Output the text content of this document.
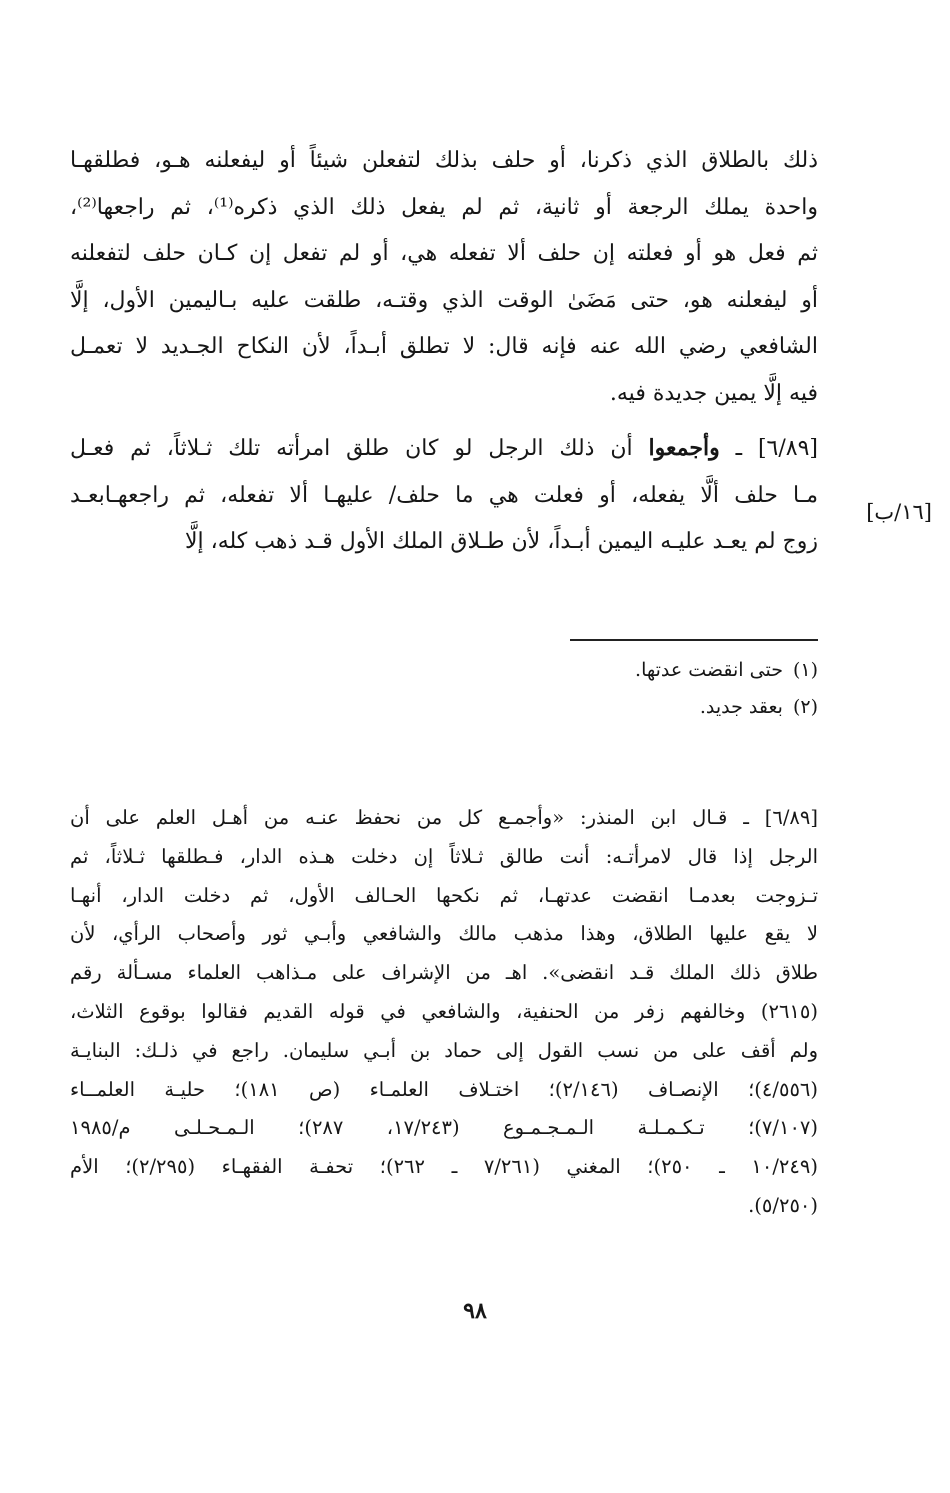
ذلك بالطلاق الذي ذكرنا، أو حلف بذلك لتفعلن شيئاً أو ليفعلنه هـو، فطلقهـا
واحدة يملك الرجعة أو ثانية، ثم لم يفعل ذلك الذي ذكره⁽¹⁾، ثم راجعها⁽²⁾،
ثم فعل هو أو فعلته إن حلف ألا تفعله هي، أو لم تفعل إن كـان حلف لتفعلنه
أو ليفعلنه هو، حتى مَضَىٰ الوقت الذي وقتـه، طلقت عليه بـاليمين الأول، إلَّا
الشافعي رضي الله عنه فإنه قال: لا تطلق أبـداً، لأن النكاح الجـديد لا تعمـل
فيه إلَّا يمين جديدة فيه.
[٦/٨٩] ـ وأجمعوا أن ذلك الرجل لو كان طلق امرأته تلك ثـلاثاً، ثم فعـل
مـا حلف ألَّا يفعله، أو فعلت هي ما حلف/ عليهـا ألا تفعله، ثم راجعهـابعـد
زوج لم يعـد عليـه اليمين أبـداً، لأن طـلاق الملك الأول قـد ذهب كله، إلَّا
[١٦/ب]

(١)حتى انقضت عدتها.

(٢)بعقد جديد.

[٦/٨٩] ـ قـال ابن المنذر: «وأجمـع كل من نحفظ عنـه من أهـل العلم على أن

الرجل إذا قال لامرأتـه: أنت طالق ثـلاثاً إن دخلت هـذه الدار، فـطلقها ثـلاثاً، ثم

تـزوجت بعدمـا انقضت عدتهـا، ثم نكحها الحـالف الأول، ثم دخلت الدار، أنهـا

لا يقع عليها الطلاق، وهذا مذهب مالك والشافعي وأبـي ثور وأصحاب الرأي، لأن

طلاق ذلك الملك قـد انقضى». اهـ من الإشراف على مـذاهب العلماء مسـألة رقم

(٢٦١٥) وخالفهم زفر من الحنفية، والشافعي في قوله القديم فقالوا بوقوع الثلاث،

ولم أقف على من نسب القول إلى حماد بن أبـي سليمان. راجع في ذلـك: البنايـة

(٤/٥٥٦)؛ الإنصـاف (٢/١٤٦)؛ اختـلاف العلمـاء (ص ١٨١)؛ حليـة العلمــاء

(٧/١٠٧)؛ تـكـمـلـة الـمـجـمـوع (١٧/٢٤٣، ٢٨٧)؛ الـمـحـلـى م/١٩٨٥

(١٠/٢٤٩ ـ ٢٥٠)؛ المغني (٧/٢٦١ ـ ٢٦٢)؛ تحفـة الفقهـاء (٢/٢٩٥)؛ الأم

(٥/٢٥٠).

٩٨
